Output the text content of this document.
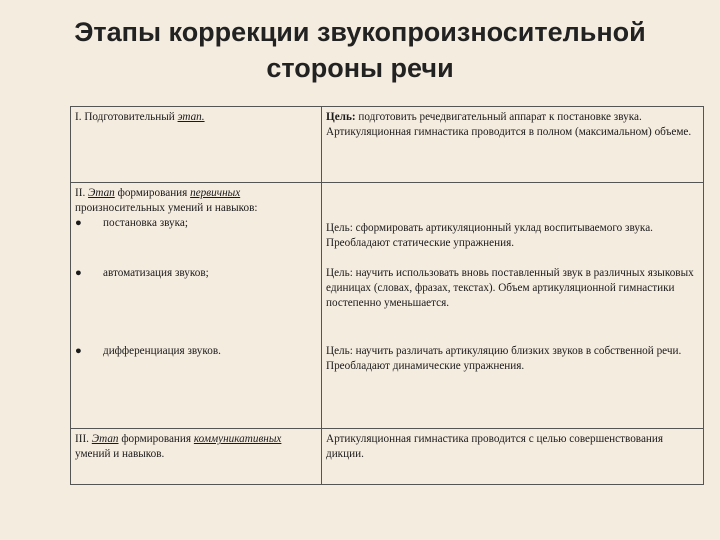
Этапы коррекции звукопроизносительной
стороны речи
I. Подготовительный этап.	Цель: подготовить речедвигательный аппарат к постановке звука. Артикуляционная гимнастика проводится в полном (максимальном) объеме.
II. Этап формирования первичных произносительных умений и навыков:
● постановка звука;	Цель: сформировать артикуляционный уклад воспитываемого звука. Преобладают статические упражнения.

● автоматизация звуков;	Цель: научить использовать вновь поставленный звук в различных языковых единицах (словах, фразах, текстах). Объем артикуляционной гимнастики постепенно уменьшается.

● дифференциация звуков.	Цель: научить различать артикуляцию близких звуков в собственной речи. Преобладают динамические упражнения.
III. Этап формирования коммуникативных умений и навыков.	Артикуляционная гимнастика проводится с целью совершенствования дикции.
